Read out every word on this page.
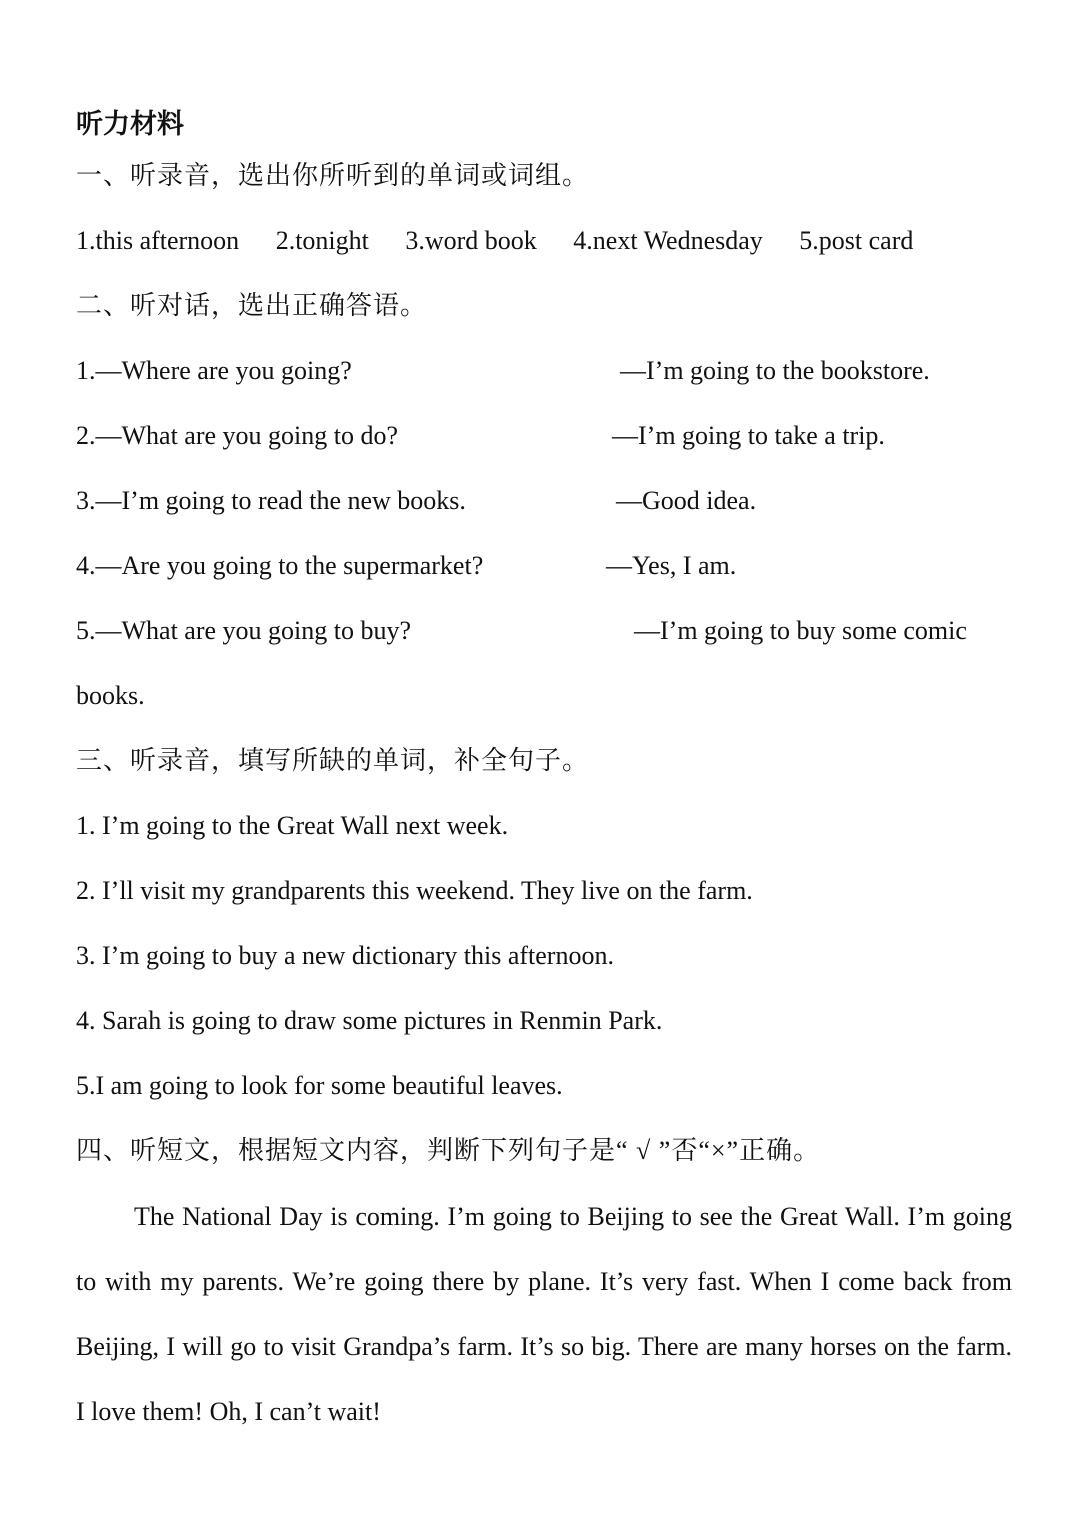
听力材料
一、听录音，选出你所听到的单词或词组。
1.this afternoon 2.tonight 3.word book 4.next Wednesday 5.post card
二、听对话，选出正确答语。
1.—Where are you going?	—I’m going to the bookstore.
2.—What are you going to do?	—I’m going to take a trip.
3.—I’m going to read the new books.	—Good idea.
4.—Are you going to the supermarket?	—Yes, I am.
5.—What are you going to buy?	—I’m going to buy some comic
books.
三、听录音，填写所缺的单词，补全句子。
1. I’m going to the Great Wall next week.
2. I’ll visit my grandparents this weekend. They live on the farm.
3. I’m going to buy a new dictionary this afternoon.
4. Sarah is going to draw some pictures in Renmin Park.
5.I am going to look for some beautiful leaves.
四、听短文，根据短文内容，判断下列句子是“ √ ”否“×”正确。
The National Day is coming. I’m going to Beijing to see the Great Wall. I’m going to with my parents. We’re going there by plane. It’s very fast. When I come back from Beijing, I will go to visit Grandpa’s farm. It’s so big. There are many horses on the farm. I love them! Oh, I can’t wait!
